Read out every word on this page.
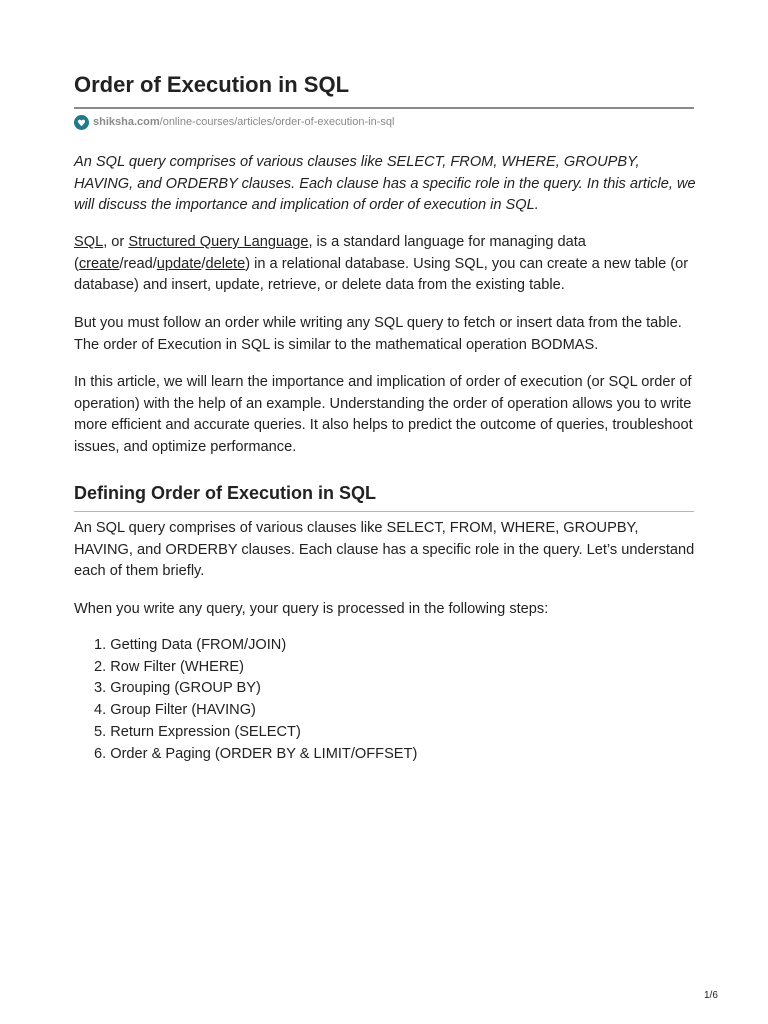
Order of Execution in SQL
shiksha.com /online-courses/articles/order-of-execution-in-sql

An SQL query comprises of various clauses like SELECT, FROM, WHERE, GROUPBY, HAVING, and ORDERBY clauses. Each clause has a specific role in the query. In this article, we will discuss the importance and implication of order of execution in SQL.

SQL, or Structured Query Language, is a standard language for managing data (create/read/update/delete) in a relational database. Using SQL, you can create a new table (or database) and insert, update, retrieve, or delete data from the existing table.

But you must follow an order while writing any SQL query to fetch or insert data from the table. The order of Execution in SQL is similar to the mathematical operation BODMAS.

In this article, we will learn the importance and implication of order of execution (or SQL order of operation) with the help of an example. Understanding the order of operation allows you to write more efficient and accurate queries. It also helps to predict the outcome of queries, troubleshoot issues, and optimize performance.

Defining Order of Execution in SQL

An SQL query comprises of various clauses like SELECT, FROM, WHERE, GROUPBY, HAVING, and ORDERBY clauses. Each clause has a specific role in the query. Let’s understand each of them briefly.

When you write any query, your query is processed in the following steps:

1. Getting Data (FROM/JOIN)
2. Row Filter (WHERE)
3. Grouping (GROUP BY)
4. Group Filter (HAVING)
5. Return Expression (SELECT)
6. Order & Paging (ORDER BY & LIMIT/OFFSET)
1/6
